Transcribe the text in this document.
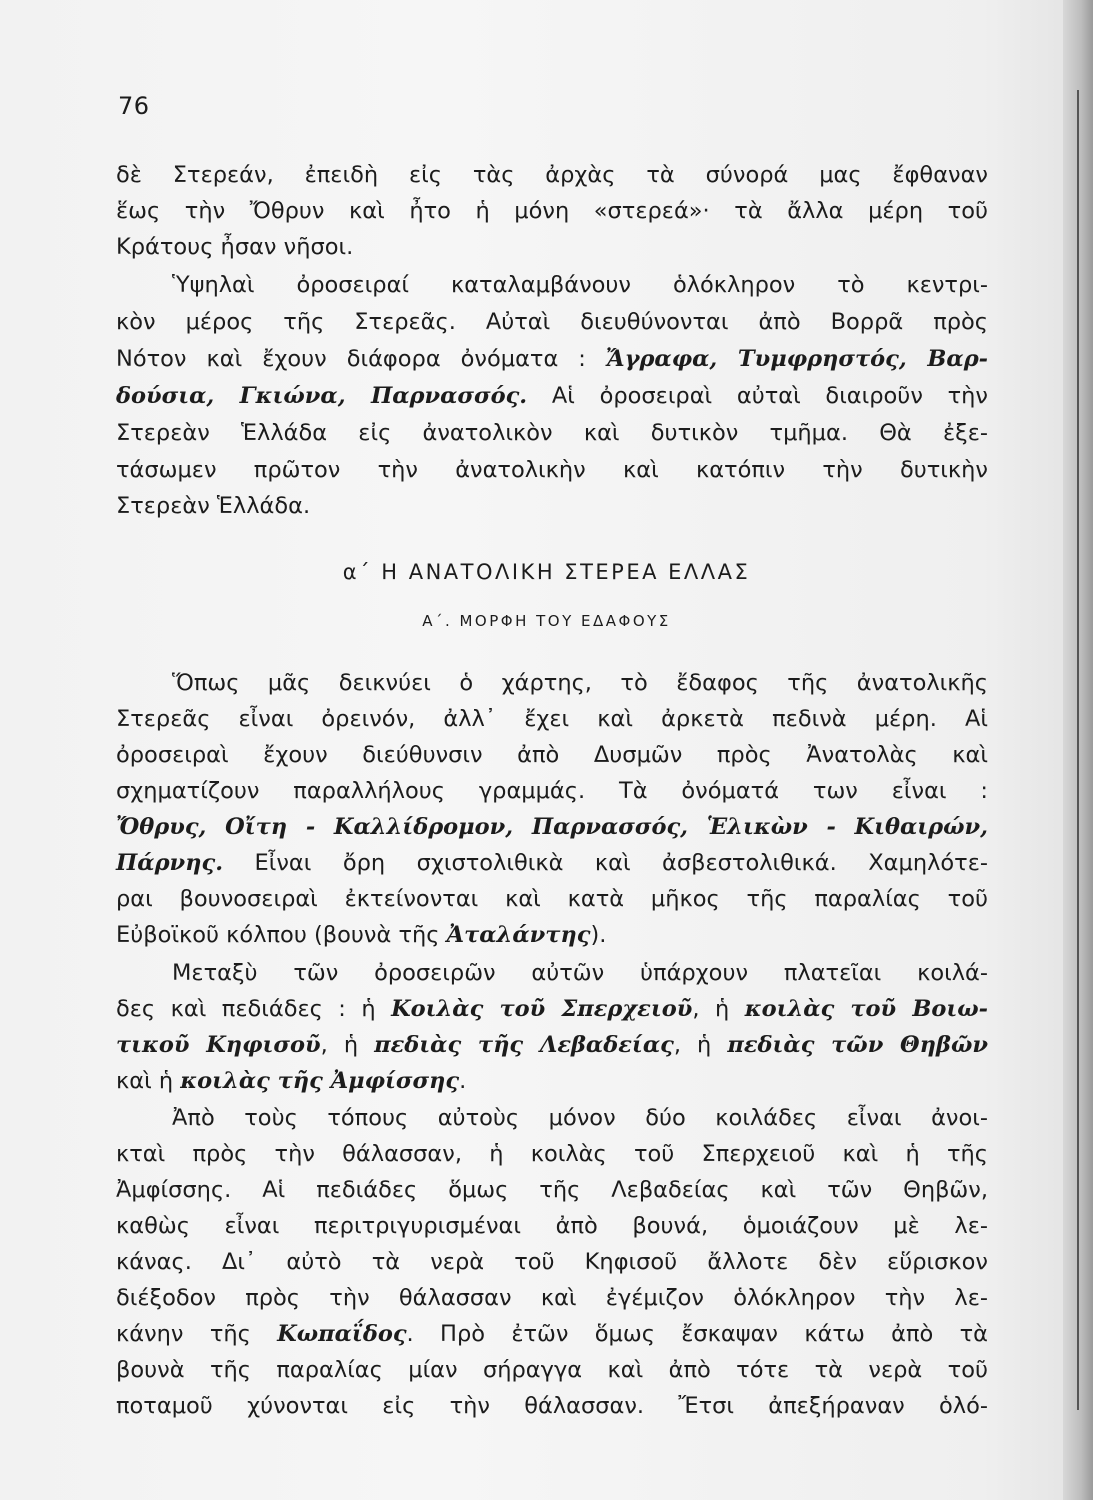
76
δὲ Στερεάν, ἐπειδὴ εἰς τὰς ἀρχὰς τὰ σύνορά μας ἔφθαναν
ἕως τὴν Ὄθρυν καὶ ἦτο ἡ μόνη «στερεά»· τὰ ἄλλα μέρη τοῦ
Κράτους ἦσαν νῆσοι.
Ὑψηλαὶ ὀροσειραί καταλαμβάνουν ὁλόκληρον τὸ κεντρι-
κὸν μέρος τῆς Στερεᾶς. Αὐταὶ διευθύνονται ἀπὸ Βορρᾶ πρὸς
Νότον καὶ ἔχουν διάφορα ὀνόματα : Ἄγραφα, Τυμφρηστός, Βαρ-
δούσια, Γκιώνα, Παρνασσός. Αἱ ὀροσειραὶ αὐταὶ διαιροῦν τὴν
Στερεὰν Ἑλλάδα εἰς ἀνατολικὸν καὶ δυτικὸν τμῆμα. Θὰ ἐξε-
τάσωμεν πρῶτον τὴν ἀνατολικὴν καὶ κατόπιν τὴν δυτικὴν
Στερεὰν Ἑλλάδα.
α΄ Η ΑΝΑΤΟΛΙΚΗ ΣΤΕΡΕΑ ΕΛΛΑΣ
Α΄. ΜΟΡΦΗ ΤΟΥ ΕΔΑΦΟΥΣ
Ὅπως μᾶς δεικνύει ὁ χάρτης, τὸ ἔδαφος τῆς ἀνατολικῆς
Στερεᾶς εἶναι ὀρεινόν, ἀλλ᾽ ἔχει καὶ ἀρκετὰ πεδινὰ μέρη. Αἱ
ὀροσειραὶ ἔχουν διεύθυνσιν ἀπὸ Δυσμῶν πρὸς Ἀνατολὰς καὶ
σχηματίζουν παραλλήλους γραμμάς. Τὰ ὀνόματά των εἶναι :
Ὄθρυς, Οἴτη - Καλλίδρομον, Παρνασσός, Ἑλικὼν - Κιθαιρών,
Πάρνης. Εἶναι ὄρη σχιστολιθικὰ καὶ ἀσβεστολιθικά. Χαμηλότε-
ραι βουνοσειραὶ ἐκτείνονται καὶ κατὰ μῆκος τῆς παραλίας τοῦ
Εὐβοϊκοῦ κόλπου (βουνὰ τῆς Ἀταλάντης).
Μεταξὺ τῶν ὀροσειρῶν αὐτῶν ὑπάρχουν πλατεῖαι κοιλά-
δες καὶ πεδιάδες : ἡ Κοιλὰς τοῦ Σπερχειοῦ, ἡ κοιλὰς τοῦ Βοιω-
τικοῦ Κηφισοῦ, ἡ πεδιὰς τῆς Λεβαδείας, ἡ πεδιὰς τῶν Θηβῶν
καὶ ἡ κοιλὰς τῆς Ἀμφίσσης.
Ἀπὸ τοὺς τόπους αὐτοὺς μόνον δύο κοιλάδες εἶναι ἀνοι-
κταὶ πρὸς τὴν θάλασσαν, ἡ κοιλὰς τοῦ Σπερχειοῦ καὶ ἡ τῆς
Ἀμφίσσης. Αἱ πεδιάδες ὅμως τῆς Λεβαδείας καὶ τῶν Θηβῶν,
καθὼς εἶναι περιτριγυρισμέναι ἀπὸ βουνά, ὁμοιάζουν μὲ λε-
κάνας. Δι᾽ αὐτὸ τὰ νερὰ τοῦ Κηφισοῦ ἄλλοτε δὲν εὕρισκον
διέξοδον πρὸς τὴν θάλασσαν καὶ ἐγέμιζον ὁλόκληρον τὴν λε-
κάνην τῆς Κωπαΐδος. Πρὸ ἐτῶν ὅμως ἔσκαψαν κάτω ἀπὸ τὰ
βουνὰ τῆς παραλίας μίαν σήραγγα καὶ ἀπὸ τότε τὰ νερὰ τοῦ
ποταμοῦ χύνονται εἰς τὴν θάλασσαν. Ἔτσι ἀπεξήραναν ὁλό-
